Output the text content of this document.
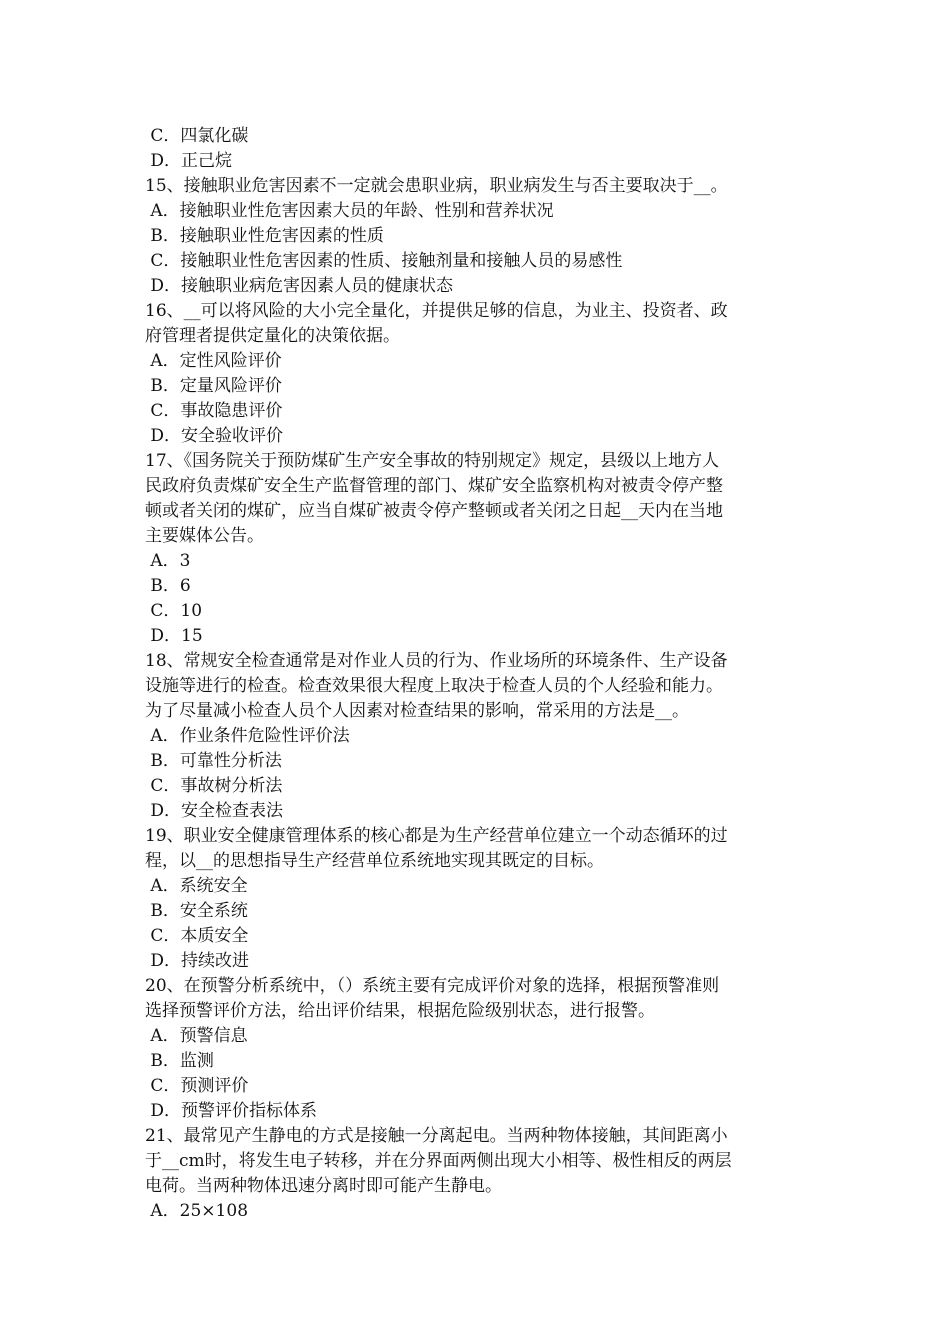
C．四氯化碳
D．正己烷
15、接触职业危害因素不一定就会患职业病，职业病发生与否主要取决于__。
A．接触职业性危害因素大员的年龄、性别和营养状况
B．接触职业性危害因素的性质
C．接触职业性危害因素的性质、接触剂量和接触人员的易感性
D．接触职业病危害因素人员的健康状态
16、__可以将风险的大小完全量化，并提供足够的信息，为业主、投资者、政
府管理者提供定量化的决策依据。
A．定性风险评价
B．定量风险评价
C．事故隐患评价
D．安全验收评价
17、《国务院关于预防煤矿生产安全事故的特别规定》规定，县级以上地方人
民政府负责煤矿安全生产监督管理的部门、煤矿安全监察机构对被责令停产整
顿或者关闭的煤矿，应当自煤矿被责令停产整顿或者关闭之日起__天内在当地
主要媒体公告。
A．3
B．6
C．10
D．15
18、常规安全检查通常是对作业人员的行为、作业场所的环境条件、生产设备
设施等进行的检查。检查效果很大程度上取决于检查人员的个人经验和能力。
为了尽量减小检查人员个人因素对检查结果的影响，常采用的方法是__。
A．作业条件危险性评价法
B．可靠性分析法
C．事故树分析法
D．安全检查表法
19、职业安全健康管理体系的核心都是为生产经营单位建立一个动态循环的过
程，以__的思想指导生产经营单位系统地实现其既定的目标。
A．系统安全
B．安全系统
C．本质安全
D．持续改进
20、在预警分析系统中，（）系统主要有完成评价对象的选择，根据预警准则
选择预警评价方法，给出评价结果，根据危险级别状态，进行报警。
A．预警信息
B．监测
C．预测评价
D．预警评价指标体系
21、最常见产生静电的方式是接触一分离起电。当两种物体接触，其间距离小
于__cm时，将发生电子转移，并在分界面两侧出现大小相等、极性相反的两层
电荷。当两种物体迅速分离时即可能产生静电。
A．25×108
